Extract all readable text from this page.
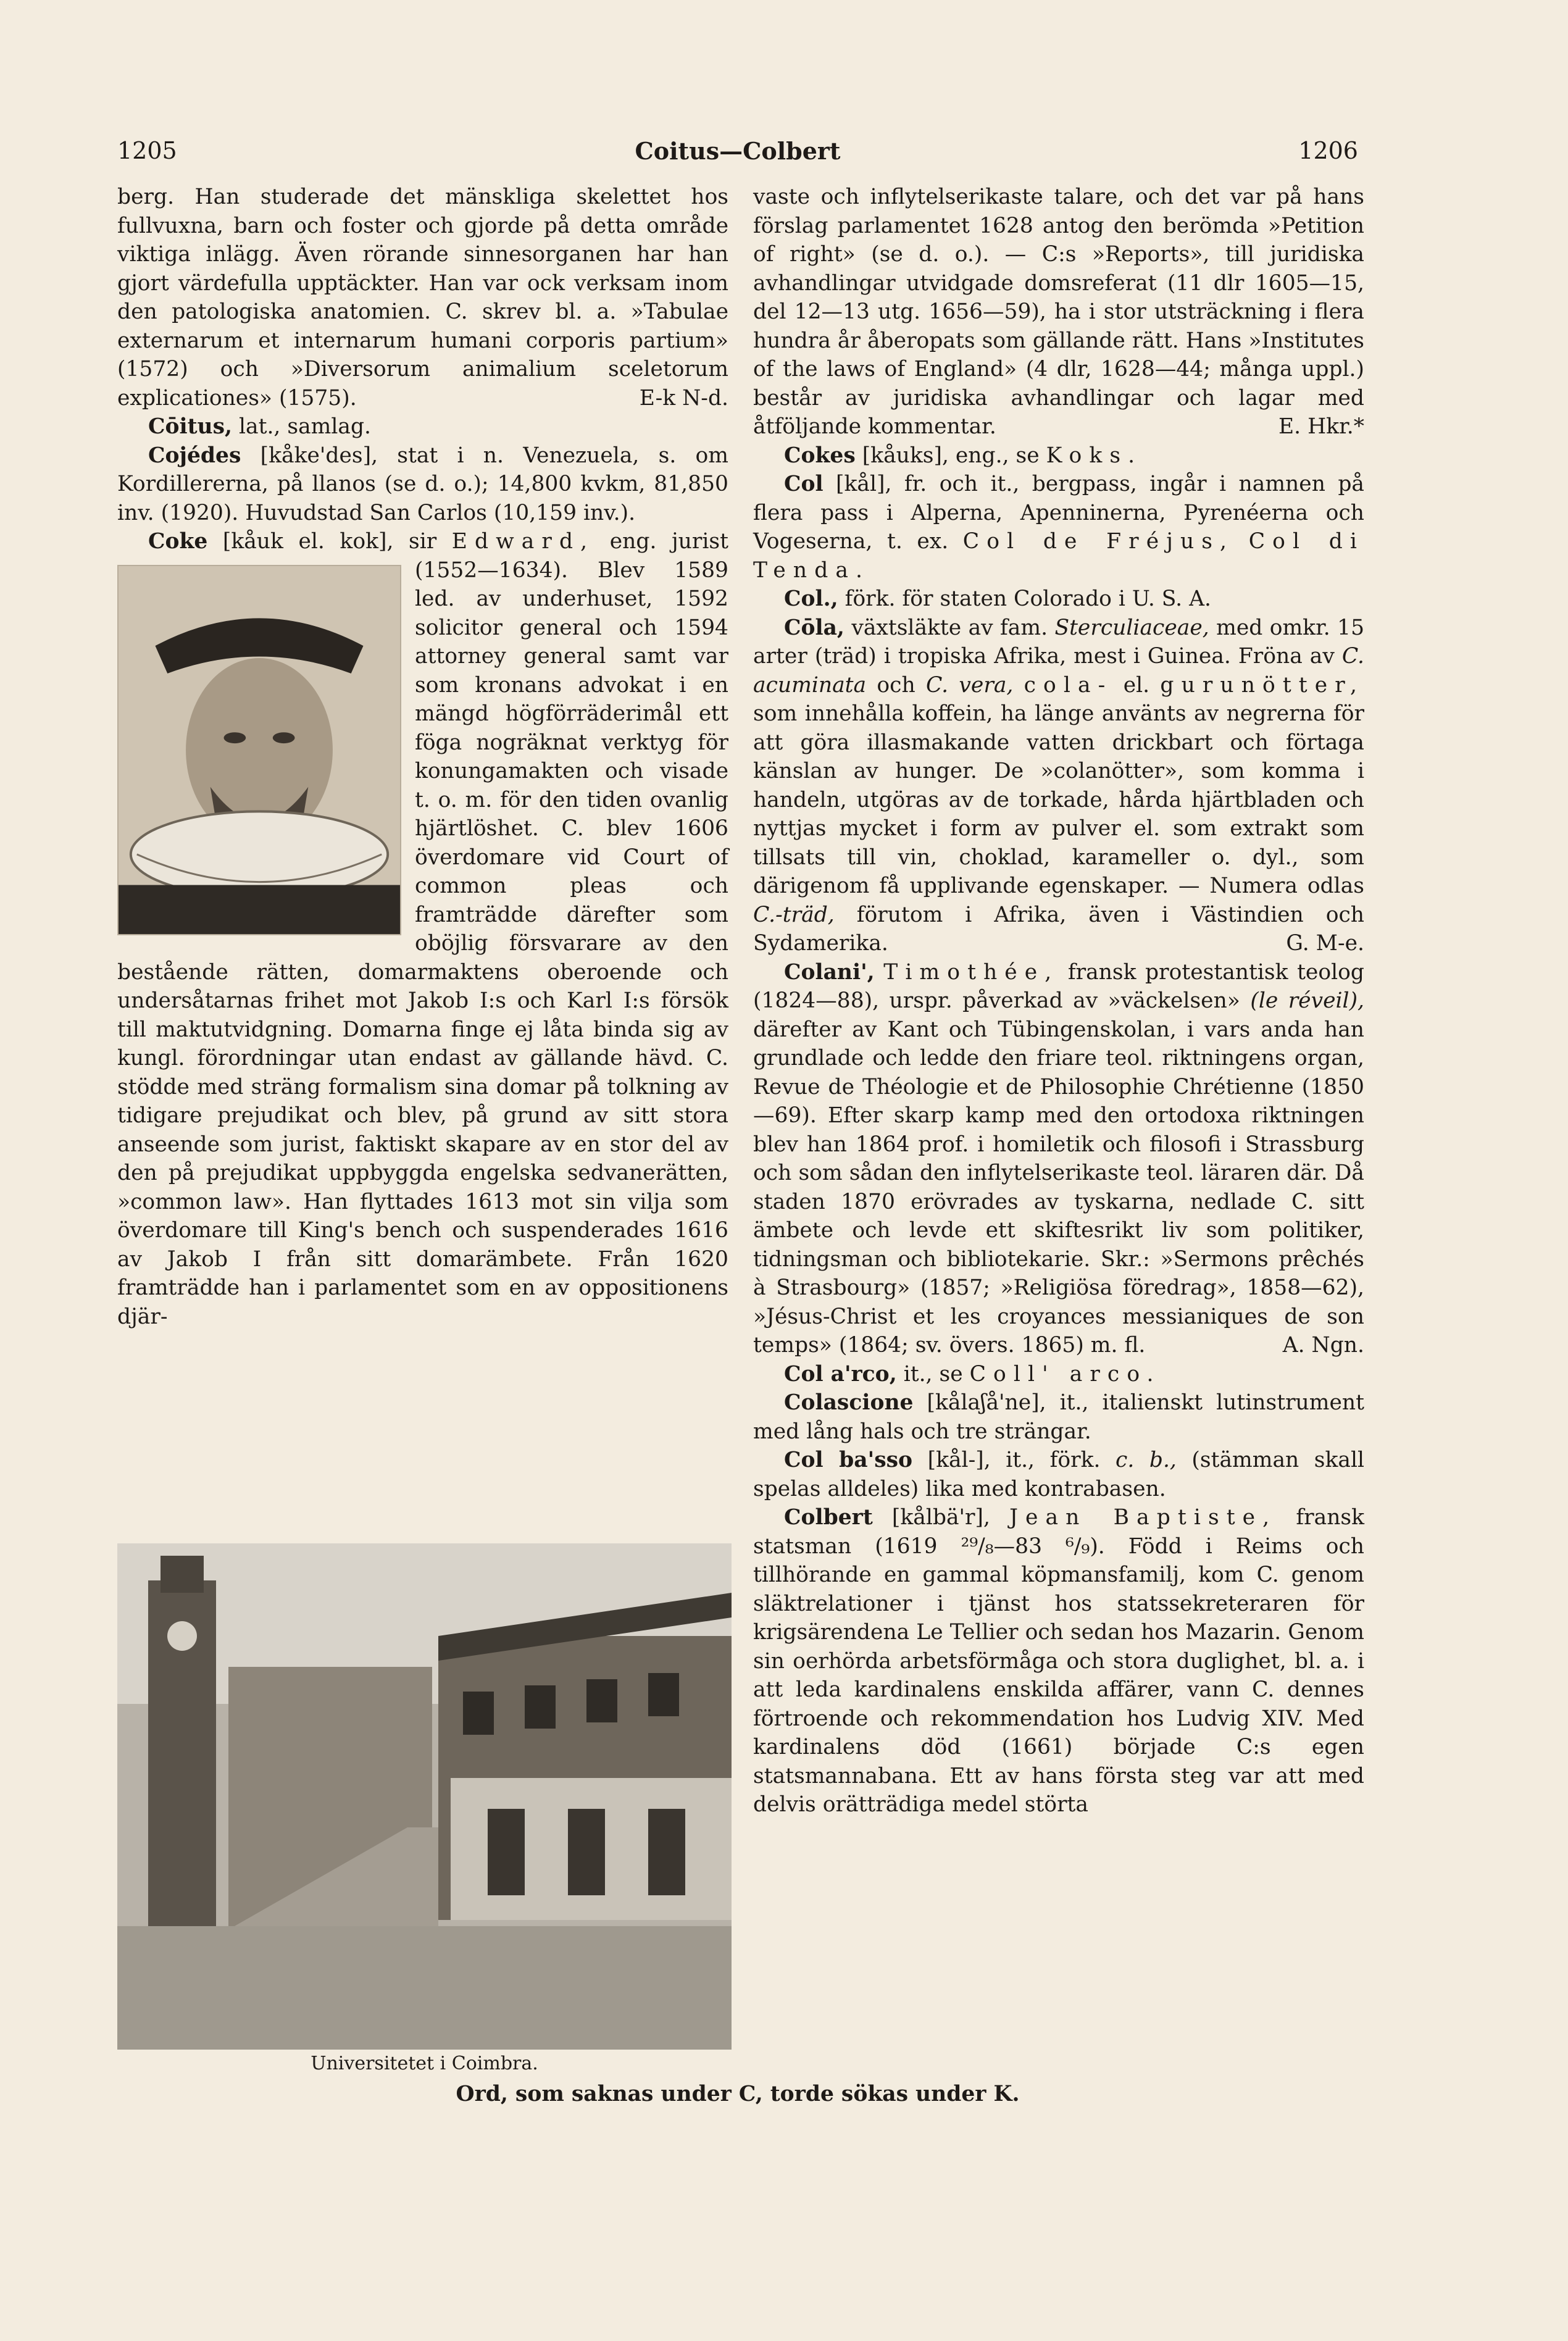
1205	Coitus—Colbert	1206

berg. Han studerade det mänskliga skelettet hos fullvuxna, barn och foster och gjorde på detta område viktiga inlägg. Även rörande sinnesorganen har han gjort värdefulla upptäckter. Han var ock verksam inom den patologiska anatomien. C. skrev bl. a. »Tabulae externarum et internarum humani corporis partium» (1572) och »Diversorum animalium sceletorum explicationes» (1575).	E-k N-d.

Cōitus, lat., samlag.

Cojédes [kåke'des], stat i n. Venezuela, s. om Kordillererna, på llanos (se d. o.); 14,800 kvkm, 81,850 inv. (1920). Huvudstad San Carlos (10,159 inv.).

Coke [kåuk el. kok], sir Edward, eng. jurist (1552—1634). Blev 1589 led. av underhuset, 1592 solicitor general och 1594 attorney general samt var som kronans advokat i en mängd högförräderimål ett föga nogräknat verktyg för konungamakten och visade t. o. m. för den tiden ovanlig hjärtlöshet. C. blev 1606 överdomare vid Court of common pleas och framträdde därefter som oböjlig försvarare av den bestående rätten, domarmaktens oberoende och undersåtarnas frihet mot Jakob I:s och Karl I:s försök till maktutvidgning. Domarna finge ej låta binda sig av kungl. förordningar utan endast av gällande hävd. C. stödde med sträng formalism sina domar på tolkning av tidigare prejudikat och blev, på grund av sitt stora anseende som jurist, faktiskt skapare av en stor del av den på prejudikat uppbyggda engelska sedvanerätten, »common law». Han flyttades 1613 mot sin vilja som överdomare till King's bench och suspenderades 1616 av Jakob I från sitt domarämbete. Från 1620 framträdde han i parlamentet som en av oppositionens djär-

vaste och inflytelserikaste talare, och det var på hans förslag parlamentet 1628 antog den berömda »Petition of right» (se d. o.). — C:s »Reports», till juridiska avhandlingar utvidgade domsreferat (11 dlr 1605—15, del 12—13 utg. 1656—59), ha i stor utsträckning i flera hundra år åberopats som gällande rätt. Hans »Institutes of the laws of England» (4 dlr, 1628—44; många uppl.) består av juridiska avhandlingar och lagar med åtföljande kommentar.	E. Hkr.*

Cokes [kåuks], eng., se Koks.

Col [kål], fr. och it., bergpass, ingår i namnen på flera pass i Alperna, Apenninerna, Pyrenéerna och Vogeserna, t. ex. Col de Fréjus, Col di Tenda.

Col., förk. för staten Colorado i U. S. A.

Cōla, växtsläkte av fam. Sterculiaceae, med omkr. 15 arter (träd) i tropiska Afrika, mest i Guinea. Fröna av C. acuminata och C. vera, cola- el. gurunötter, som innehålla koffein, ha länge använts av negrerna för att göra illasmakande vatten drickbart och förtaga känslan av hunger. De »colanötter», som komma i handeln, utgöras av de torkade, hårda hjärtbladen och nyttjas mycket i form av pulver el. som extrakt som tillsats till vin, choklad, karameller o. dyl., som därigenom få upplivande egenskaper. — Numera odlas C.-träd, förutom i Afrika, även i Västindien och Sydamerika.	G. M-e.

Colani', Timothée, fransk protestantisk teolog (1824—88), urspr. påverkad av »väckelsen» (le réveil), därefter av Kant och Tübingenskolan, i vars anda han grundlade och ledde den friare teol. riktningens organ, Revue de Théologie et de Philosophie Chrétienne (1850—69). Efter skarp kamp med den ortodoxa riktningen blev han 1864 prof. i homiletik och filosofi i Strassburg och som sådan den inflytelserikaste teol. läraren där. Då staden 1870 erövrades av tyskarna, nedlade C. sitt ämbete och levde ett skiftesrikt liv som politiker, tidningsman och bibliotekarie. Skr.: »Sermons prêchés à Strasbourg» (1857; »Religiösa föredrag», 1858—62), »Jésus-Christ et les croyances messianiques de son temps» (1864; sv. övers. 1865) m. fl.	A. Ngn.

Col a'rco, it., se Coll' arco.

Colascione [kålaʃå'ne], it., italienskt lutinstrument med lång hals och tre strängar.

Col ba'sso [kål-], it., förk. c. b., (stämman skall spelas alldeles) lika med kontrabasen.

Colbert [kålbä'r], Jean Baptiste, fransk statsman (1619 ²⁹/₈—83 ⁶/₉). Född i Reims och tillhörande en gammal köpmansfamilj, kom C. genom släktrelationer i tjänst hos statssekreteraren för krigsärendena Le Tellier och sedan hos Mazarin. Genom sin oerhörda arbetsförmåga och stora duglighet, bl. a. i att leda kardinalens enskilda affärer, vann C. dennes förtroende och rekommendation hos Ludvig XIV. Med kardinalens död (1661) började C:s egen statsmannabana. Ett av hans första steg var att med delvis orätträdiga medel störta

Universitetet i Coimbra.
Ord, som saknas under C, torde sökas under K.
